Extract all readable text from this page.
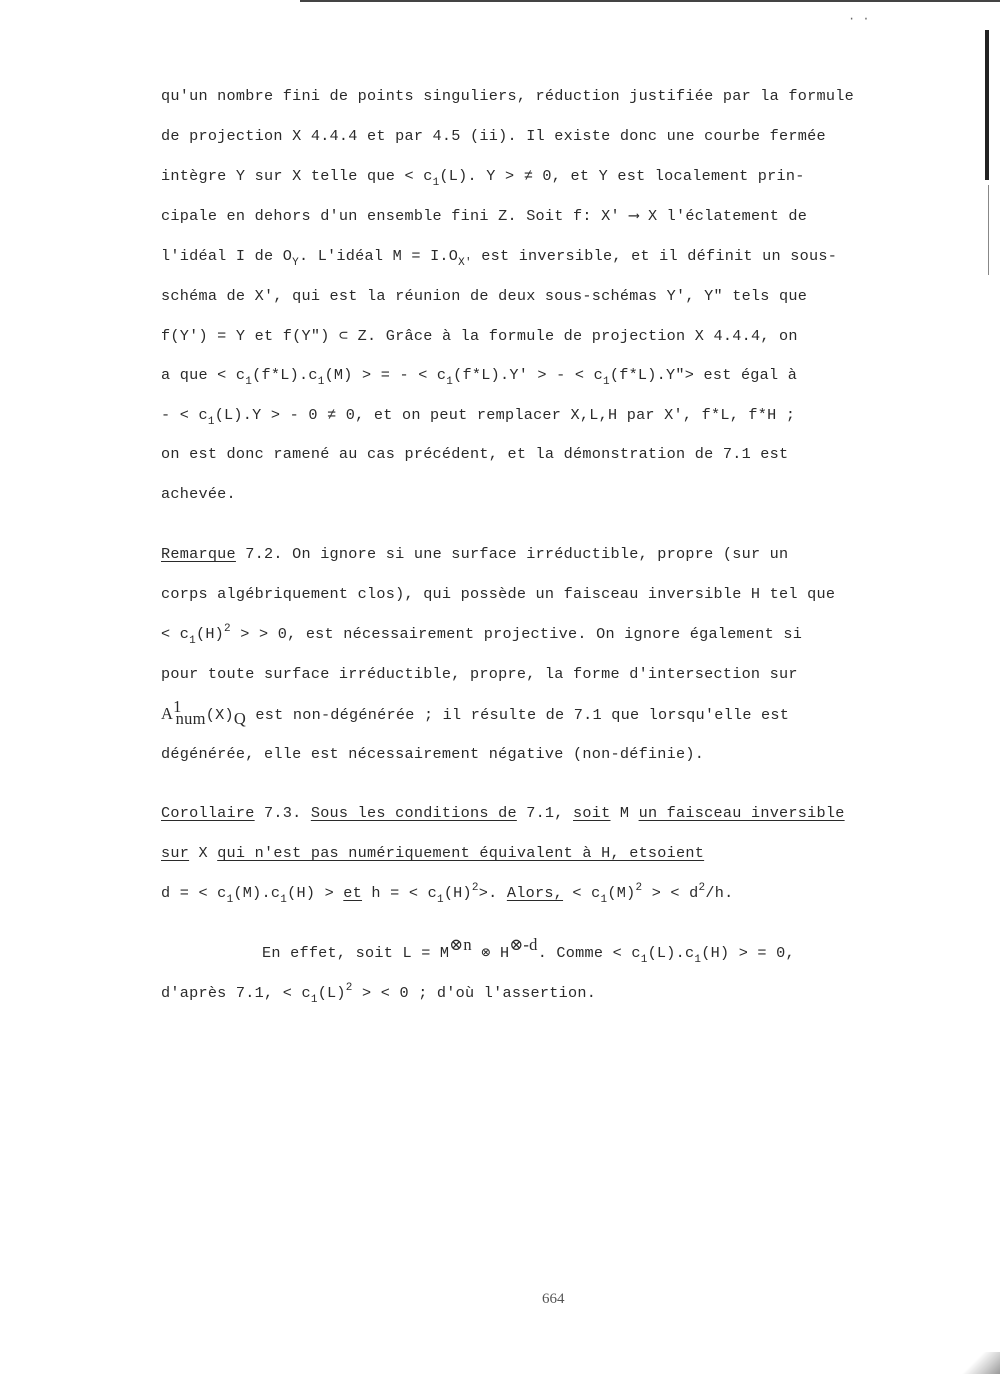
· ·
qu'un nombre fini de points singuliers, réduction justifiée par la formule
de projection X 4.4.4 et par 4.5 (ii). Il existe donc une courbe fermée
intègre Y sur X telle que < $c_1(L)$. Y > ≠ 0, et Y est localement prin-
cipale en dehors d'un ensemble fini Z. Soit f: X' ⟶ X l'éclatement de
l'idéal I de $O_Y$. L'idéal $M = I.O_{X'}$ est inversible, et il définit un sous-
schéma de X', qui est la réunion de deux sous-schémas Y', Y" tels que
f(Y') = Y et f(Y") ⊂ Z. Grâce à la formule de projection X 4.4.4, on
a que < $c_1(f*L).c_1(M)$ > = - < $c_1(f*L).Y'$ > - < $c_1(f*L).Y">$ est égal à
- < $c_1(L).Y$ > - 0 ≠ 0, et on peut remplacer X,L,H par X', f*L, f*H ;
on est donc ramené au cas précédent, et la démonstration de 7.1 est
achevée.
Remarque 7.2. On ignore si une surface irréductible, propre (sur un
corps algébriquement clos), qui possède un faisceau inversible H tel que
< $c_1(H)^2$ > > 0, est nécessairement projective. On ignore également si
pour toute surface irréductible, propre, la forme d'intersection sur
$A^1_{num}(X)_Q$ est non-dégénérée ; il résulte de 7.1 que lorsqu'elle est
dégénérée, elle est nécessairement négative (non-définie).
Corollaire 7.3. Sous les conditions de 7.1, soit M un faisceau inversible
sur X qui n'est pas numériquement équivalent à H, etsoient
d = < $c_1(M).c_1(H)$ > et h = < $c_1(H)^2>$. Alors, < $c_1(M)^2$ > < $d^2/h$.
En effet, soit $L = M^{\otimes n}$ ⊗ $H^{\otimes-d}$. Comme < $c_1(L).c_1(H)$ > = 0,
d'après 7.1, < $c_1(L)^2$ > < 0 ; d'où l'assertion.
664
